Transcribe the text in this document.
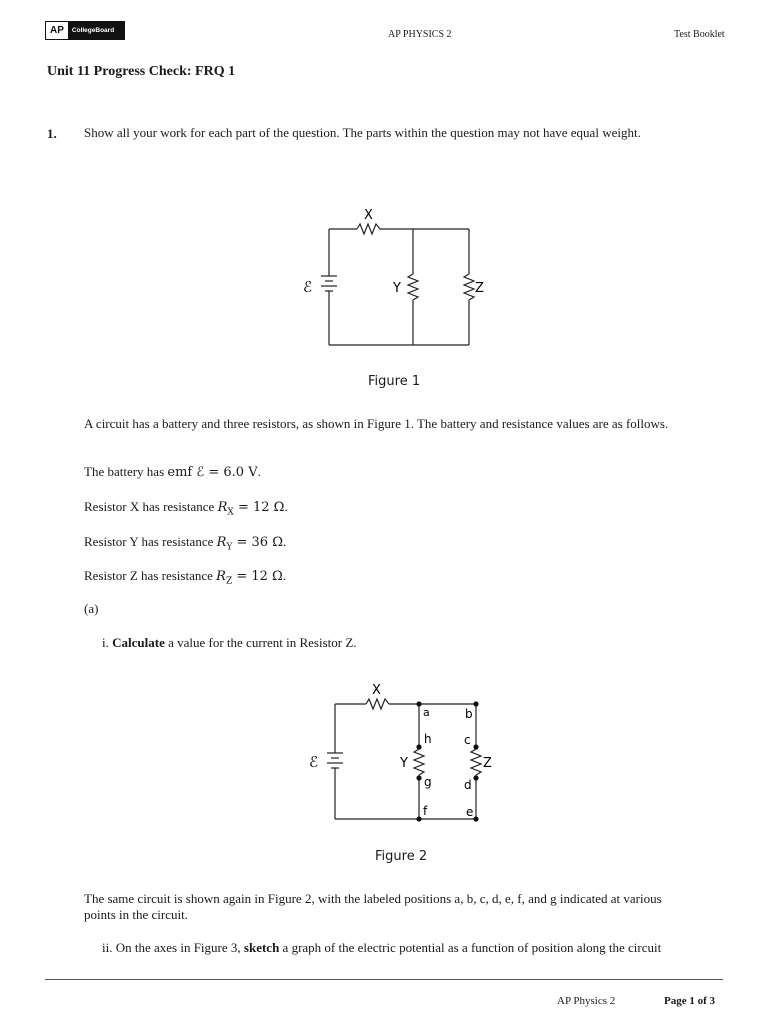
AP	CollegeBoard	AP PHYSICS 2	Test Booklet
Unit 11 Progress Check: FRQ 1
1. Show all your work for each part of the question. The parts within the question may not have equal weight.
X
Y	Z
ℰ
Figure 1
A circuit has a battery and three resistors, as shown in Figure 1. The battery and resistance values are as follows.
The battery has emf ℰ = 6.0 V.
Resistor X has resistance $R_X = 12$ Ω.
Resistor Y has resistance $R_Y = 36$ Ω.
Resistor Z has resistance $R_Z = 12$ Ω.
(a)
i. Calculate a value for the current in Resistor Z.
X
Y	Z
ℰ
a	b
c
d
e
f
g
h
Figure 2
The same circuit is shown again in Figure 2, with the labeled positions a, b, c, d, e, f, and g indicated at various
points in the circuit.
ii. On the axes in Figure 3, sketch a graph of the electric potential as a function of position along the circuit
AP Physics 2	Page 1 of 3
